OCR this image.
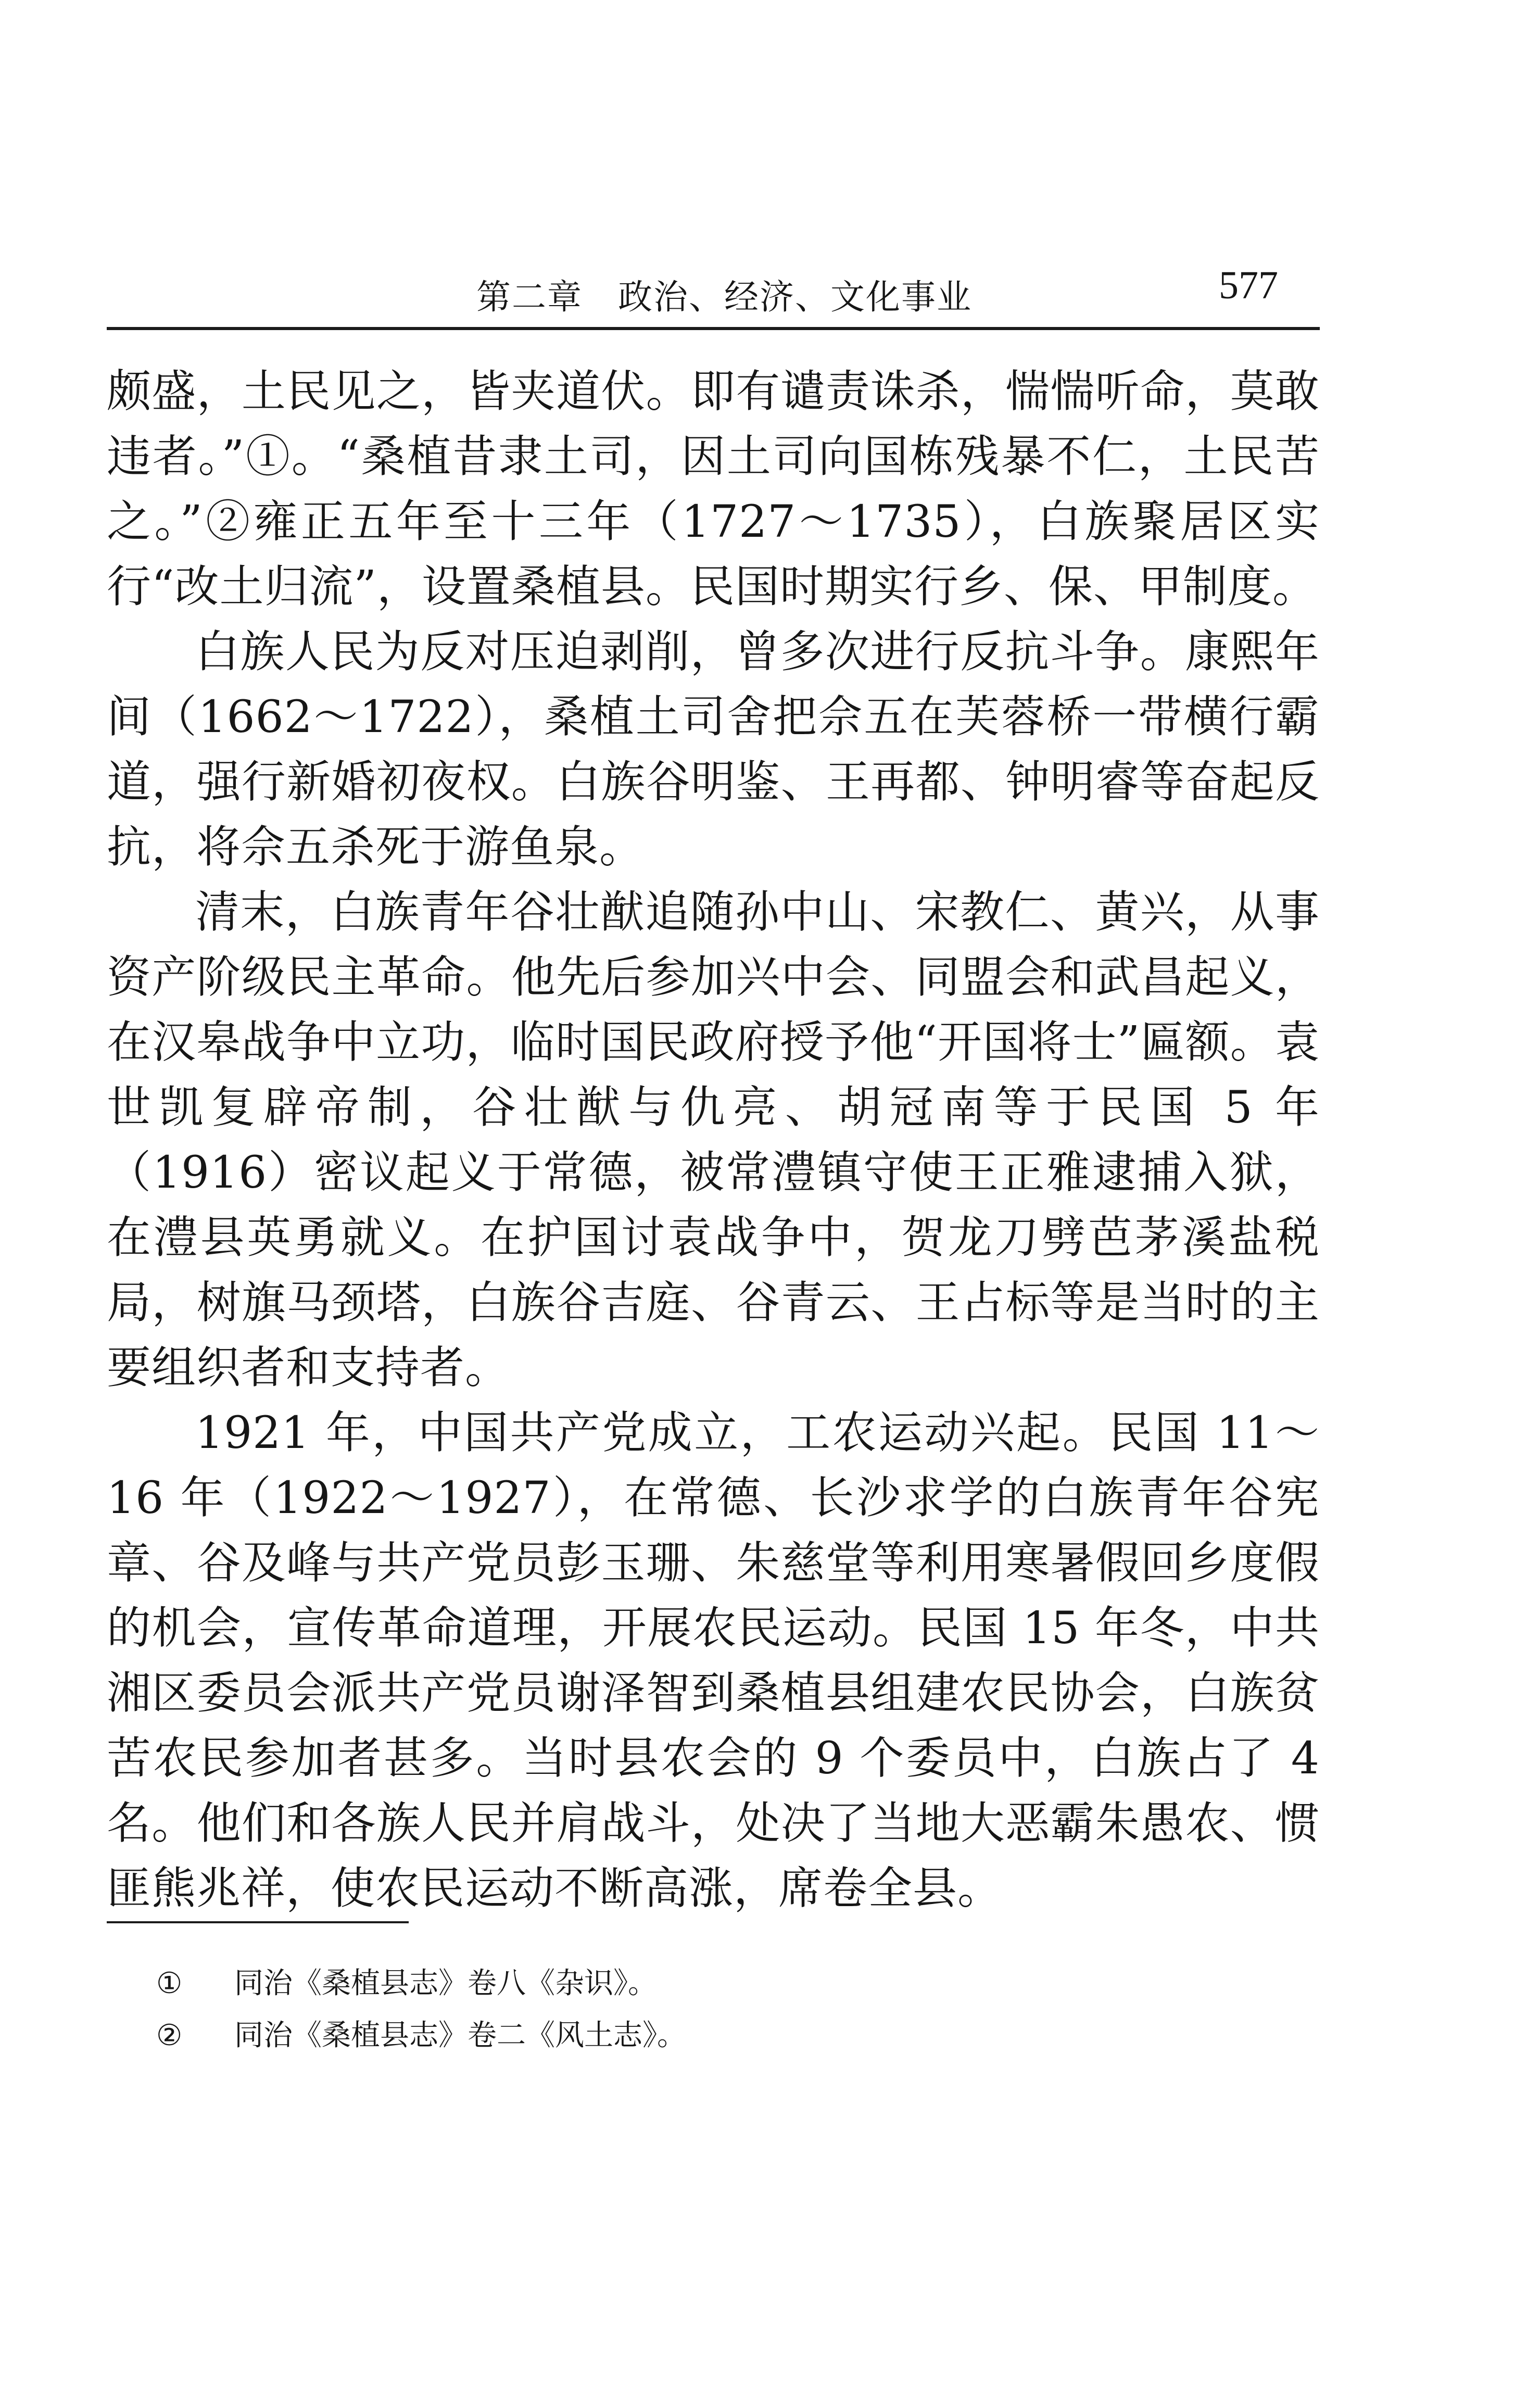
第二章　政治、经济、文化事业	577

颇盛，土民见之，皆夹道伏。即有谴责诛杀，惴惴听命，莫敢违者。”①。“桑植昔隶土司，因土司向国栋残暴不仁，土民苦之。”②雍正五年至十三年（1727～1735），白族聚居区实行“改土归流”，设置桑植县。民国时期实行乡、保、甲制度。

白族人民为反对压迫剥削，曾多次进行反抗斗争。康熙年间（1662～1722），桑植土司舍把佘五在芙蓉桥一带横行霸道，强行新婚初夜权。白族谷明鉴、王再都、钟明睿等奋起反抗，将佘五杀死于游鱼泉。

清末，白族青年谷壮猷追随孙中山、宋教仁、黄兴，从事资产阶级民主革命。他先后参加兴中会、同盟会和武昌起义，在汉皋战争中立功，临时国民政府授予他“开国将士”匾额。袁世凯复辟帝制，谷壮猷与仇亮、胡冠南等于民国 5 年（1916）密议起义于常德，被常澧镇守使王正雅逮捕入狱，在澧县英勇就义。在护国讨袁战争中，贺龙刀劈芭茅溪盐税局，树旗马颈塔，白族谷吉庭、谷青云、王占标等是当时的主要组织者和支持者。

1921 年，中国共产党成立，工农运动兴起。民国 11～16 年（1922～1927），在常德、长沙求学的白族青年谷宪章、谷及峰与共产党员彭玉珊、朱慈堂等利用寒暑假回乡度假的机会，宣传革命道理，开展农民运动。民国 15 年冬，中共湘区委员会派共产党员谢泽智到桑植县组建农民协会，白族贫苦农民参加者甚多。当时县农会的 9 个委员中，白族占了 4 名。他们和各族人民并肩战斗，处决了当地大恶霸朱愚农、惯匪熊兆祥，使农民运动不断高涨，席卷全县。

① 同治《桑植县志》卷八《杂识》。
② 同治《桑植县志》卷二《风土志》。
